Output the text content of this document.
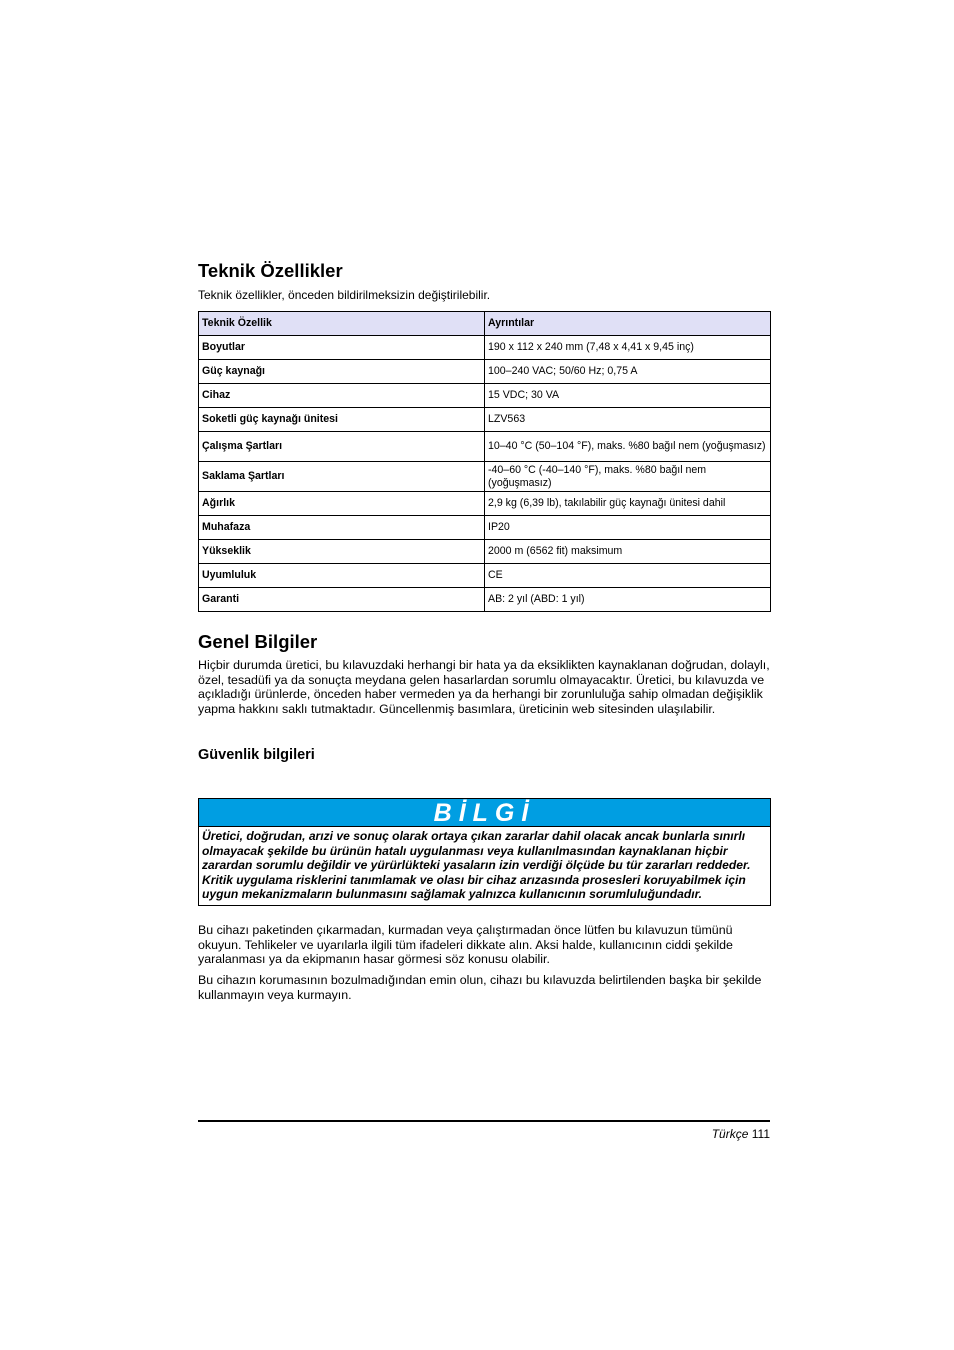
Teknik Özellikler

Teknik özellikler, önceden bildirilmeksizin değiştirilebilir.

Teknik Özellik	Ayrıntılar
Boyutlar	190 x 112 x 240 mm (7,48 x 4,41 x 9,45 inç)
Güç kaynağı	100–240 VAC; 50/60 Hz; 0,75 A
Cihaz	15 VDC; 30 VA
Soketli güç kaynağı ünitesi	LZV563
Çalışma Şartları	10–40 °C (50–104 °F), maks. %80 bağıl nem (yoğuşmasız)
Saklama Şartları	-40–60 °C (-40–140 °F), maks. %80 bağıl nem (yoğuşmasız)
Ağırlık	2,9 kg (6,39 lb), takılabilir güç kaynağı ünitesi dahil
Muhafaza	IP20
Yükseklik	2000 m (6562 fit) maksimum
Uyumluluk	CE
Garanti	AB: 2 yıl (ABD: 1 yıl)
Genel Bilgiler

Hiçbir durumda üretici, bu kılavuzdaki herhangi bir hata ya da eksiklikten kaynaklanan doğrudan, dolaylı, özel, tesadüfi ya da sonuçta meydana gelen hasarlardan sorumlu olmayacaktır. Üretici, bu kılavuzda ve açıkladığı ürünlerde, önceden haber vermeden ya da herhangi bir zorunluluğa sahip olmadan değişiklik yapma hakkını saklı tutmaktadır. Güncellenmiş basımlara, üreticinin web sitesinden ulaşılabilir.

Güvenlik bilgileri
BİLGİ
Üretici, doğrudan, arızi ve sonuç olarak ortaya çıkan zararlar dahil olacak ancak bunlarla sınırlı olmayacak şekilde bu ürünün hatalı uygulanması veya kullanılmasından kaynaklanan hiçbir zarardan sorumlu değildir ve yürürlükteki yasaların izin verdiği ölçüde bu tür zararları reddeder. Kritik uygulama risklerini tanımlamak ve olası bir cihaz arızasında prosesleri koruyabilmek için uygun mekanizmaların bulunmasını sağlamak yalnızca kullanıcının sorumluluğundadır.

Bu cihazı paketinden çıkarmadan, kurmadan veya çalıştırmadan önce lütfen bu kılavuzun tümünü okuyun. Tehlikeler ve uyarılarla ilgili tüm ifadeleri dikkate alın. Aksi halde, kullanıcının ciddi şekilde yaralanması ya da ekipmanın hasar görmesi söz konusu olabilir.

Bu cihazın korumasının bozulmadığından emin olun, cihazı bu kılavuzda belirtilenden başka bir şekilde kullanmayın veya kurmayın.

Türkçe 111
